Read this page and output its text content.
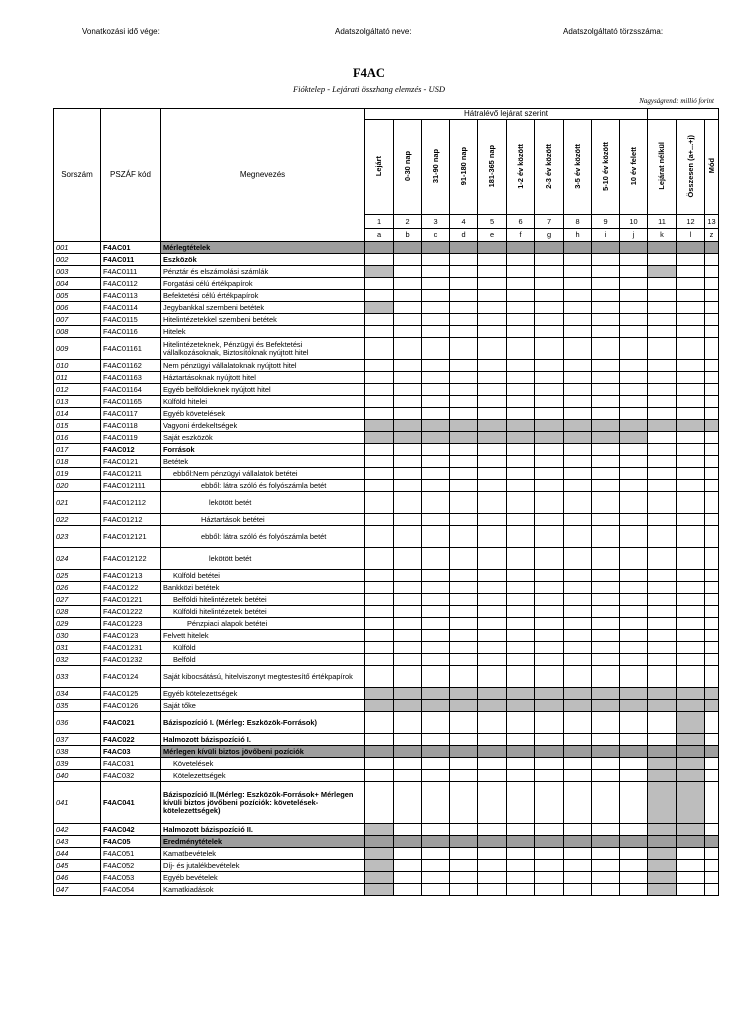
Vonatkozási idő vége:	Adatszolgáltató neve:	Adatszolgáltató törzsszáma:
F4AC
Fióktelep - Lejárati összhang elemzés - USD
Nagyságrend: millió forint
Sorszám	PSZÁF kód	Megnevezés	Hátralévő lejárat szerint												
			Lejárt	0-30 nap	31-90 nap	91-180 nap	181-365 nap	1-2 év között	2-3 év között	3-5 év között	5-10 év között	10 év felett	Lejárat nélkül	Összesen (a+...+j)	Mód
			1	2	3	4	5	6	7	8	9	10	11	12	13
			a	b	c	d	e	f	g	h	i	j	k	l	z
001	F4AC01	Mérlegtételek													
002	F4AC011	Eszközök													
003	F4AC0111	Pénztár és elszámolási számlák													
004	F4AC0112	Forgatási célú értékpapírok													
005	F4AC0113	Befektetési célú értékpapírok													
006	F4AC0114	Jegybankkal szembeni betétek													
007	F4AC0115	Hitelintézetekkel szembeni betétek													
008	F4AC0116	Hitelek													
009	F4AC01161	Hitelintézeteknek, Pénzügyi és Befektetési vállalkozásoknak, Biztosítóknak nyújtott hitel													
010	F4AC01162	Nem pénzügyi vállalatoknak nyújtott hitel													
011	F4AC01163	Háztartásoknak nyújtott hitel													
012	F4AC01164	Egyéb belföldieknek nyújtott hitel													
013	F4AC01165	Külföld hitelei													
014	F4AC0117	Egyéb követelések													
015	F4AC0118	Vagyoni érdekeltségek													
016	F4AC0119	Saját eszközök													
017	F4AC012	Források													
018	F4AC0121	Betétek													
019	F4AC01211	ebből:Nem pénzügyi vállalatok betétei													
020	F4AC012111	ebből: látra szóló és folyószámla betét													
021	F4AC012112	lekötött betét													
022	F4AC01212	Háztartások betétei													
023	F4AC012121	ebből: látra szóló és folyószámla betét													
024	F4AC012122	lekötött betét													
025	F4AC01213	Külföld betétei													
026	F4AC0122	Bankközi betétek													
027	F4AC01221	Belföldi hitelintézetek betétei													
028	F4AC01222	Külföldi hitelintézetek betétei													
029	F4AC01223	Pénzpiaci alapok betétei													
030	F4AC0123	Felvett hitelek													
031	F4AC01231	Külföld													
032	F4AC01232	Belföld													
033	F4AC0124	Saját kibocsátású, hitelviszonyt megtestesítő értékpapírok													
034	F4AC0125	Egyéb kötelezettségek													
035	F4AC0126	Saját tőke													
036	F4AC021	Bázispozíció I. (Mérleg: Eszközök-Források)													
037	F4AC022	Halmozott bázispozíció I.													
038	F4AC03	Mérlegen kívüli biztos jövőbeni pozíciók													
039	F4AC031	Követelések													
040	F4AC032	Kötelezettségek													
041	F4AC041	Bázispozíció II.(Mérleg: Eszközök-Források+ Mérlegen kívüli biztos jövőbeni pozíciók: követelések- kötelezettségek)													
042	F4AC042	Halmozott bázispozíció II.													
043	F4AC05	Eredménytételek													
044	F4AC051	Kamatbevételek													
045	F4AC052	Díj- és jutalékbevételek													
046	F4AC053	Egyéb bevételek													
047	F4AC054	Kamatkiadások													
